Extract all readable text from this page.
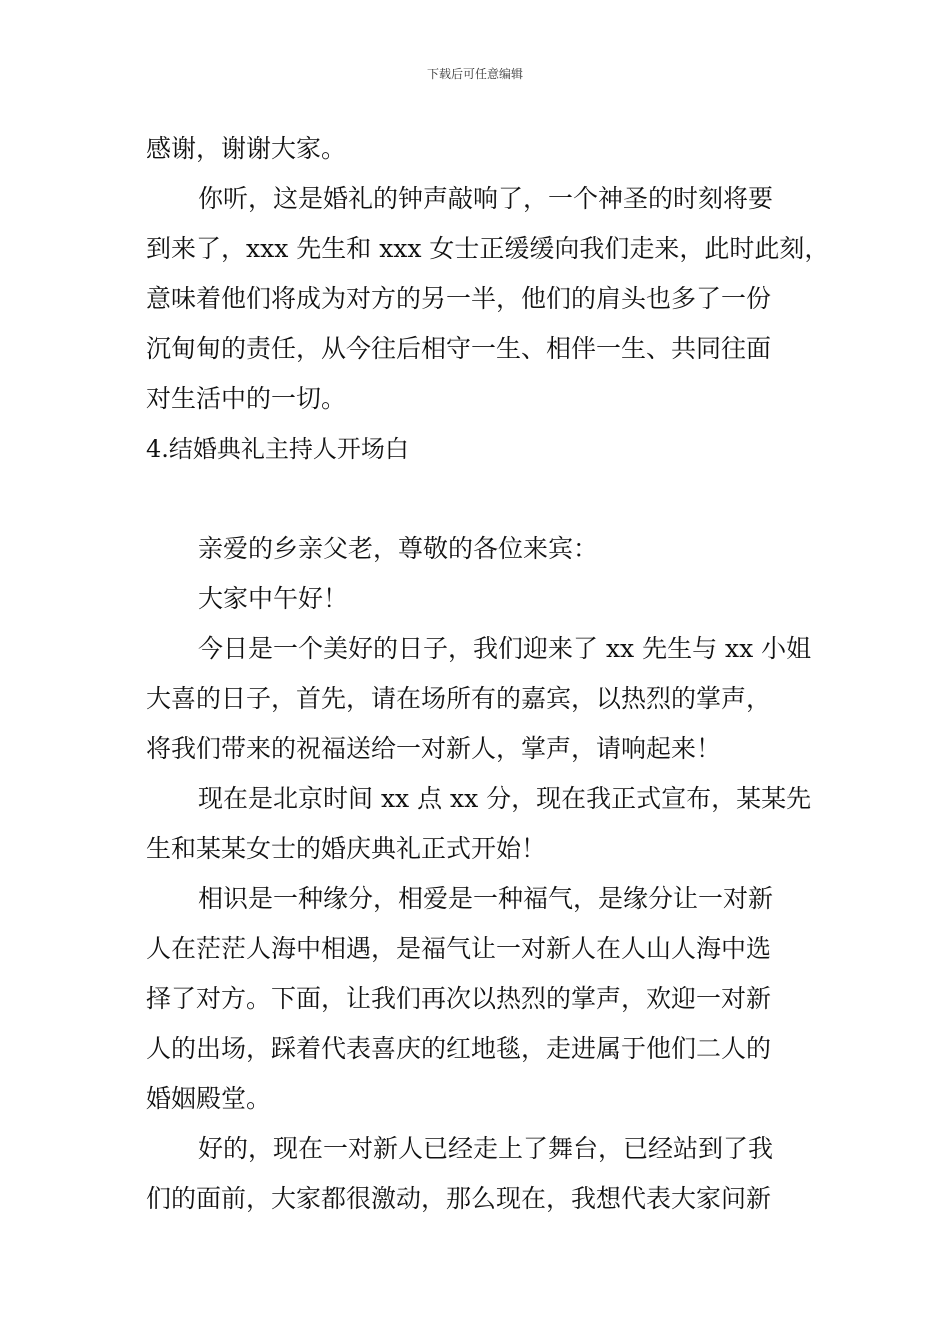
下载后可任意编辑
感谢，谢谢大家。
你听，这是婚礼的钟声敲响了，一个神圣的时刻将要
到来了，xxx 先生和 xxx 女士正缓缓向我们走来，此时此刻，
意味着他们将成为对方的另一半，他们的肩头也多了一份
沉甸甸的责任，从今往后相守一生、相伴一生、共同往面
对生活中的一切。
4.结婚典礼主持人开场白
亲爱的乡亲父老，尊敬的各位来宾：
大家中午好！
今日是一个美好的日子，我们迎来了 xx 先生与 xx 小姐
大喜的日子，首先，请在场所有的嘉宾，以热烈的掌声，
将我们带来的祝福送给一对新人，掌声，请响起来！
现在是北京时间 xx 点 xx 分，现在我正式宣布，某某先
生和某某女士的婚庆典礼正式开始！
相识是一种缘分，相爱是一种福气，是缘分让一对新
人在茫茫人海中相遇，是福气让一对新人在人山人海中选
择了对方。下面，让我们再次以热烈的掌声，欢迎一对新
人的出场，踩着代表喜庆的红地毯，走进属于他们二人的
婚姻殿堂。
好的，现在一对新人已经走上了舞台，已经站到了我
们的面前，大家都很激动，那么现在，我想代表大家问新
